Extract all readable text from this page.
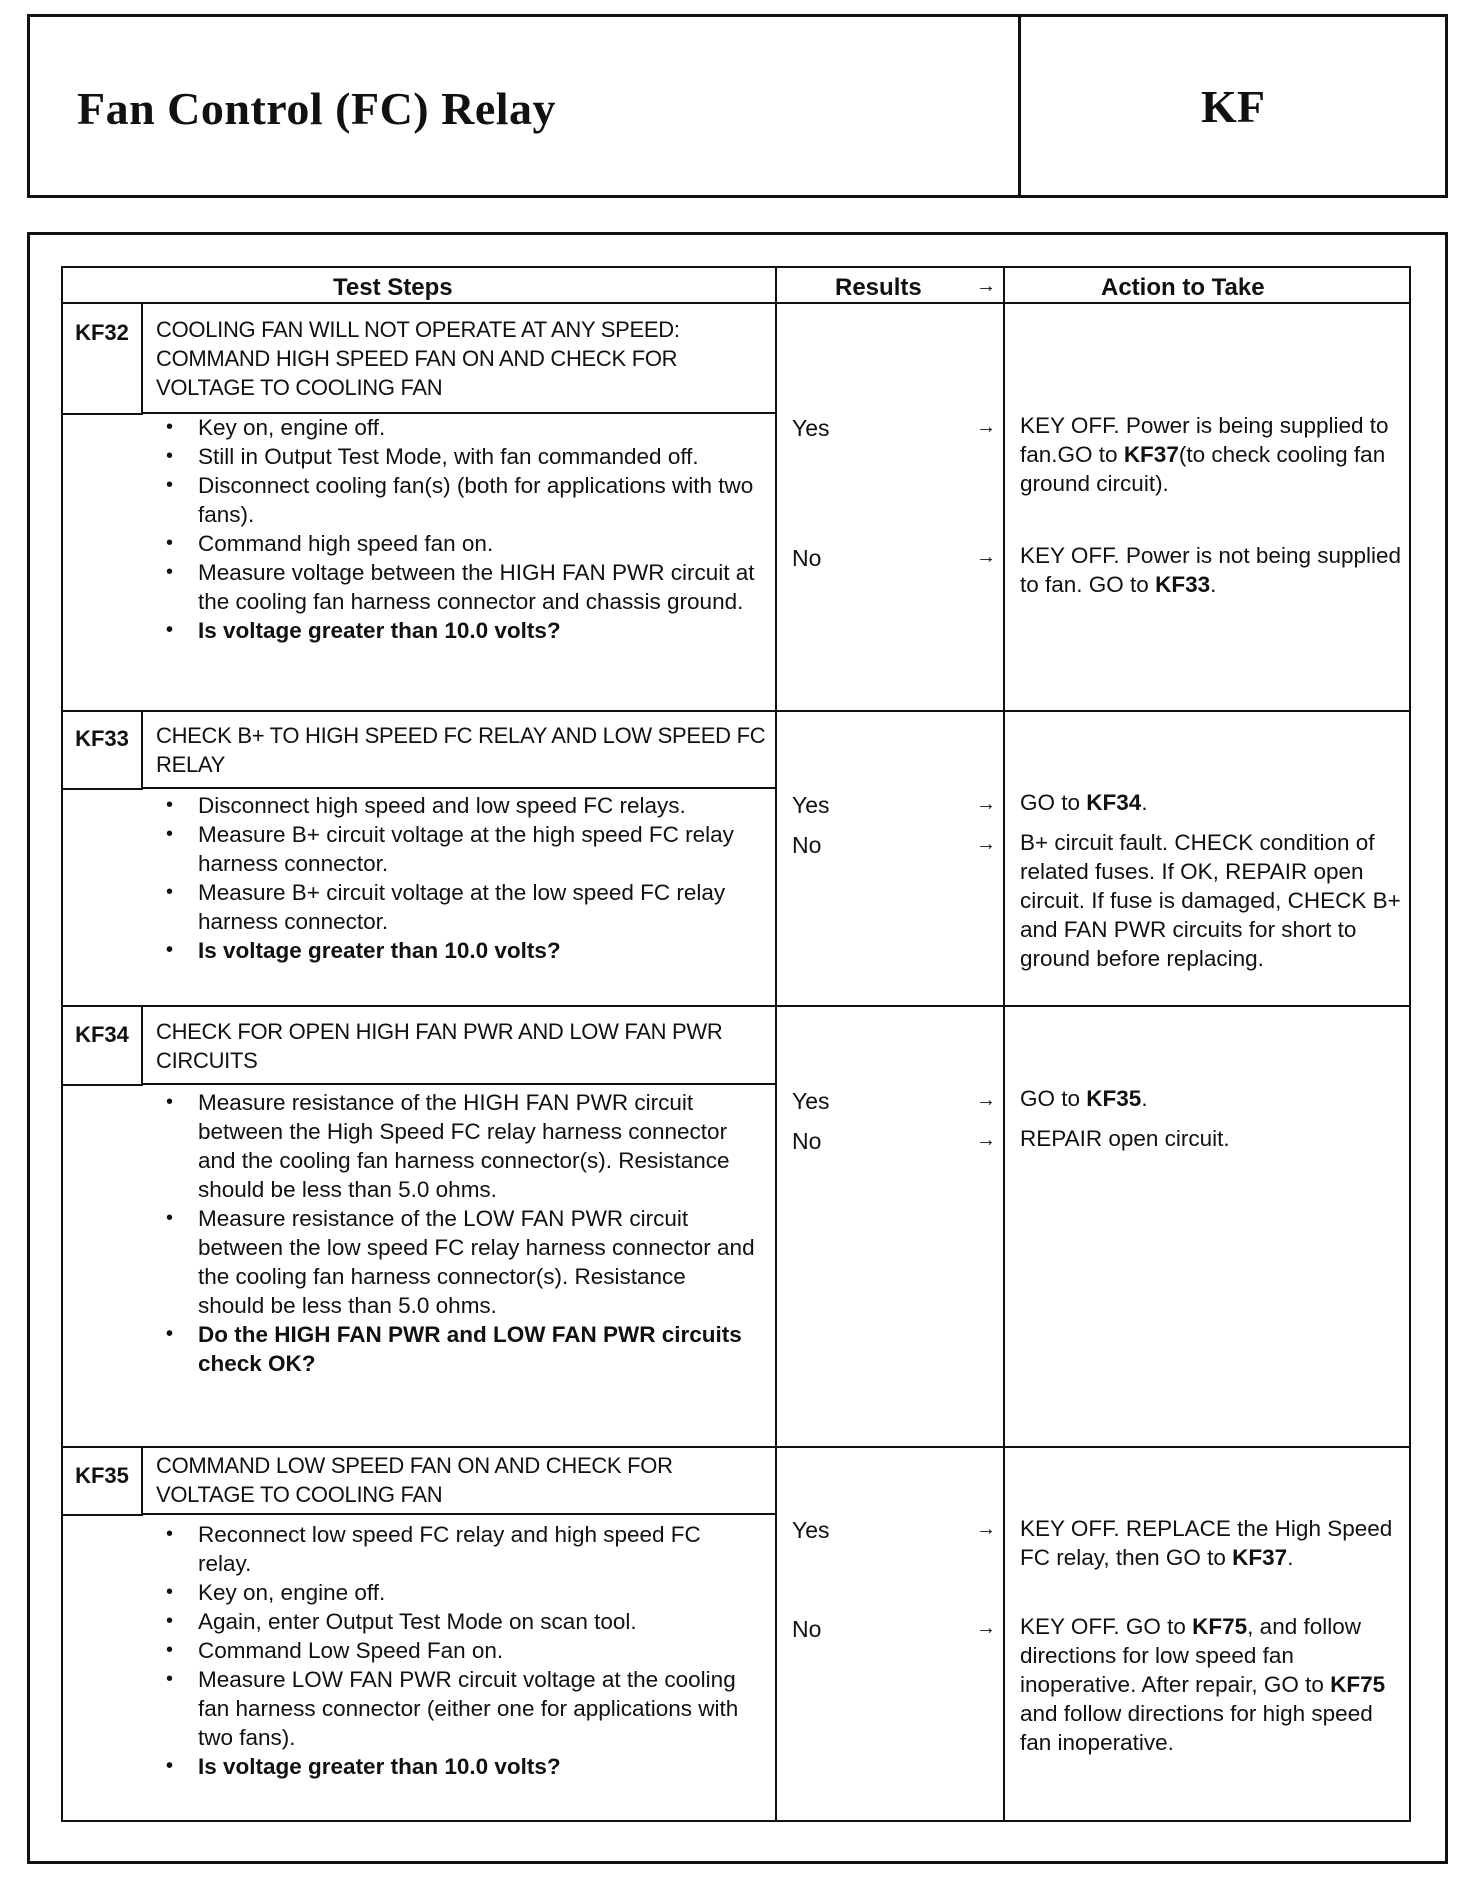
Fan Control (FC) Relay	KF
Test Steps	Results	→	Action to Take
KF32	COOLING FAN WILL NOT OPERATE AT ANY SPEED: COMMAND HIGH SPEED FAN ON AND CHECK FOR VOLTAGE TO COOLING FAN
• Key on, engine off.
• Still in Output Test Mode, with fan commanded off.
• Disconnect cooling fan(s) (both for applications with two fans).
• Command high speed fan on.
• Measure voltage between the HIGH FAN PWR circuit at the cooling fan harness connector and chassis ground.
• Is voltage greater than 10.0 volts?
Yes	→ KEY OFF. Power is being supplied to fan.GO to KF37(to check cooling fan ground circuit).
No	→ KEY OFF. Power is not being supplied to fan. GO to KF33.
KF33	CHECK B+ TO HIGH SPEED FC RELAY AND LOW SPEED FC RELAY
• Disconnect high speed and low speed FC relays.
• Measure B+ circuit voltage at the high speed FC relay harness connector.
• Measure B+ circuit voltage at the low speed FC relay harness connector.
• Is voltage greater than 10.0 volts?
Yes	→ GO to KF34.
No	→ B+ circuit fault. CHECK condition of related fuses. If OK, REPAIR open circuit. If fuse is damaged, CHECK B+ and FAN PWR circuits for short to ground before replacing.
KF34	CHECK FOR OPEN HIGH FAN PWR AND LOW FAN PWR CIRCUITS
• Measure resistance of the HIGH FAN PWR circuit between the High Speed FC relay harness connector and the cooling fan harness connector(s). Resistance should be less than 5.0 ohms.
• Measure resistance of the LOW FAN PWR circuit between the low speed FC relay harness connector and the cooling fan harness connector(s). Resistance should be less than 5.0 ohms.
• Do the HIGH FAN PWR and LOW FAN PWR circuits check OK?
Yes	→ GO to KF35.
No	→ REPAIR open circuit.
KF35	COMMAND LOW SPEED FAN ON AND CHECK FOR VOLTAGE TO COOLING FAN
• Reconnect low speed FC relay and high speed FC relay.
• Key on, engine off.
• Again, enter Output Test Mode on scan tool.
• Command Low Speed Fan on.
• Measure LOW FAN PWR circuit voltage at the cooling fan harness connector (either one for applications with two fans).
• Is voltage greater than 10.0 volts?
Yes	→ KEY OFF. REPLACE the High Speed FC relay, then GO to KF37.
No	→ KEY OFF. GO to KF75, and follow directions for low speed fan inoperative. After repair, GO to KF75 and follow directions for high speed fan inoperative.
